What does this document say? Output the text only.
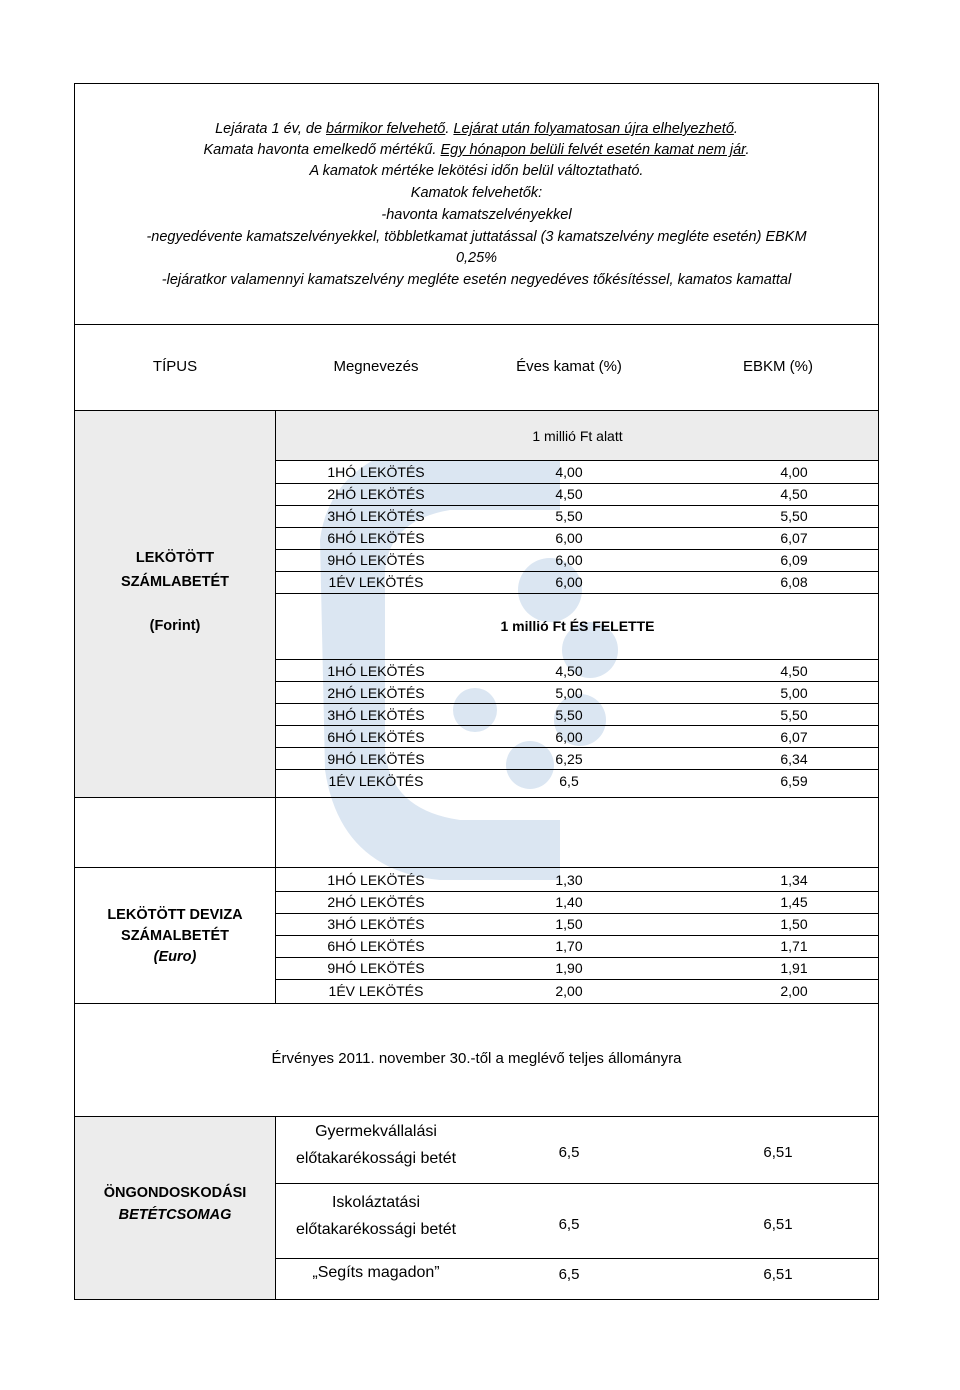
Lejárata 1 év, de bármikor felvehető. Lejárat után folyamatosan újra elhelyezhető.
Kamata havonta emelkedő mértékű. Egy hónapon belüli felvét esetén kamat nem jár.
A kamatok mértéke lekötési időn belül változtatható.
Kamatok felvehetők:
-havonta kamatszelvényekkel
-negyedévente kamatszelvényekkel, többletkamat juttatással (3 kamatszelvény megléte esetén) EBKM
0,25%
-lejáratkor valamennyi kamatszelvény megléte esetén negyedéves tőkésítéssel, kamatos kamattal
TÍPUS	Megnevezés	Éves kamat (%)	EBKM (%)
LEKÖTÖTT
SZÁMLABETÉT
(Forint)
1 millió Ft alatt
1HÓ LEKÖTÉS	4,00	4,00
2HÓ LEKÖTÉS	4,50	4,50
3HÓ LEKÖTÉS	5,50	5,50
6HÓ LEKÖTÉS	6,00	6,07
9HÓ LEKÖTÉS	6,00	6,09
1ÉV LEKÖTÉS	6,00	6,08
1 millió Ft ÉS FELETTE
1HÓ LEKÖTÉS	4,50	4,50
2HÓ LEKÖTÉS	5,00	5,00
3HÓ LEKÖTÉS	5,50	5,50
6HÓ LEKÖTÉS	6,00	6,07
9HÓ LEKÖTÉS	6,25	6,34
1ÉV LEKÖTÉS	6,5	6,59
LEKÖTÖTT DEVIZA
SZÁMALBETÉT
(Euro)
1HÓ LEKÖTÉS	1,30	1,34
2HÓ LEKÖTÉS	1,40	1,45
3HÓ LEKÖTÉS	1,50	1,50
6HÓ LEKÖTÉS	1,70	1,71
9HÓ LEKÖTÉS	1,90	1,91
1ÉV LEKÖTÉS	2,00	2,00
Érvényes 2011. november 30.-től a meglévő teljes állományra
ÖNGONDOSKODÁSI
BETÉTCSOMAG
Gyermekvállalási
előtakarékossági betét	6,5	6,51
Iskoláztatási
előtakarékossági betét	6,5	6,51
„Segíts magadon”	6,5	6,51
